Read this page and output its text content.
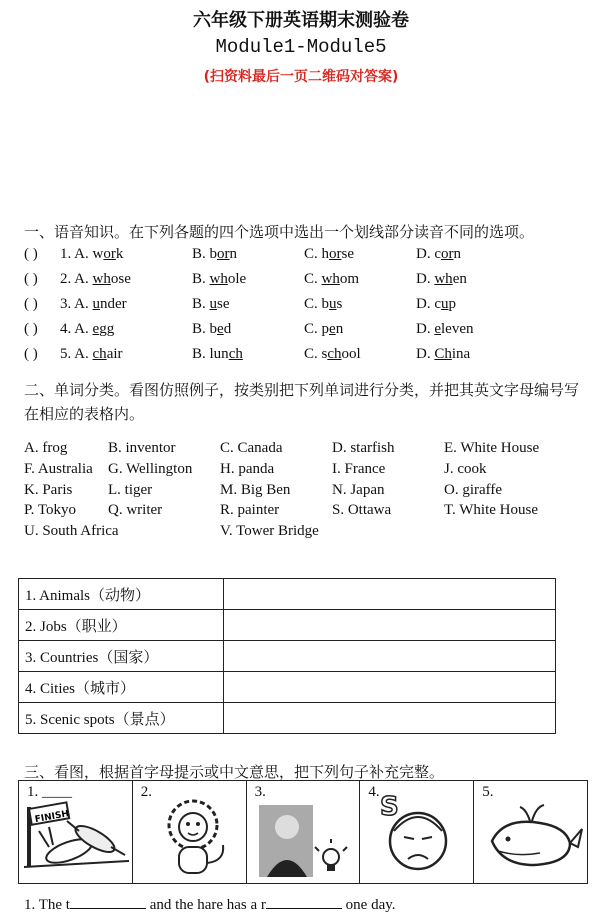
六年级下册英语期末测验卷
Module1-Module5
(扫资料最后一页二维码对答案)
一、语音知识。在下列各题的四个选项中选出一个划线部分读音不同的选项。
( ) 1. A. work	B. born	C. horse	D. corn
( ) 2. A. whose	B. whole	C. whom	D. when
( ) 3. A. under	B. use	C. bus	D. cup
( ) 4. A. egg	B. bed	C. pen	D. eleven
( ) 5. A. chair	B. lunch	C. school	D. China
二、单词分类。看图仿照例子，按类别把下列单词进行分类，并把其英文字母编号写在相应的表格内。
A. frog	B. inventor	C. Canada	D. starfish	E. White House
F. Australia G. Wellington H. panda	I. France	J. cook
K. Paris L. tiger	M. Big Ben	N. Japan	O. giraffe
P. Tokyo Q. writer	R. painter	S. Ottawa	T. White House
U. South Africa	V. Tower Bridge
1. Animals（动物）	
2. Jobs（职业）	
3. Countries（国家）	
4. Cities（城市）	
5. Scenic spots（景点）	
三、看图，根据首字母提示或中文意思，把下列句子补充完整。
1. ____
FINISH
2.	3.	4. S	5.
1. The t	and the hare has a r	one day.
